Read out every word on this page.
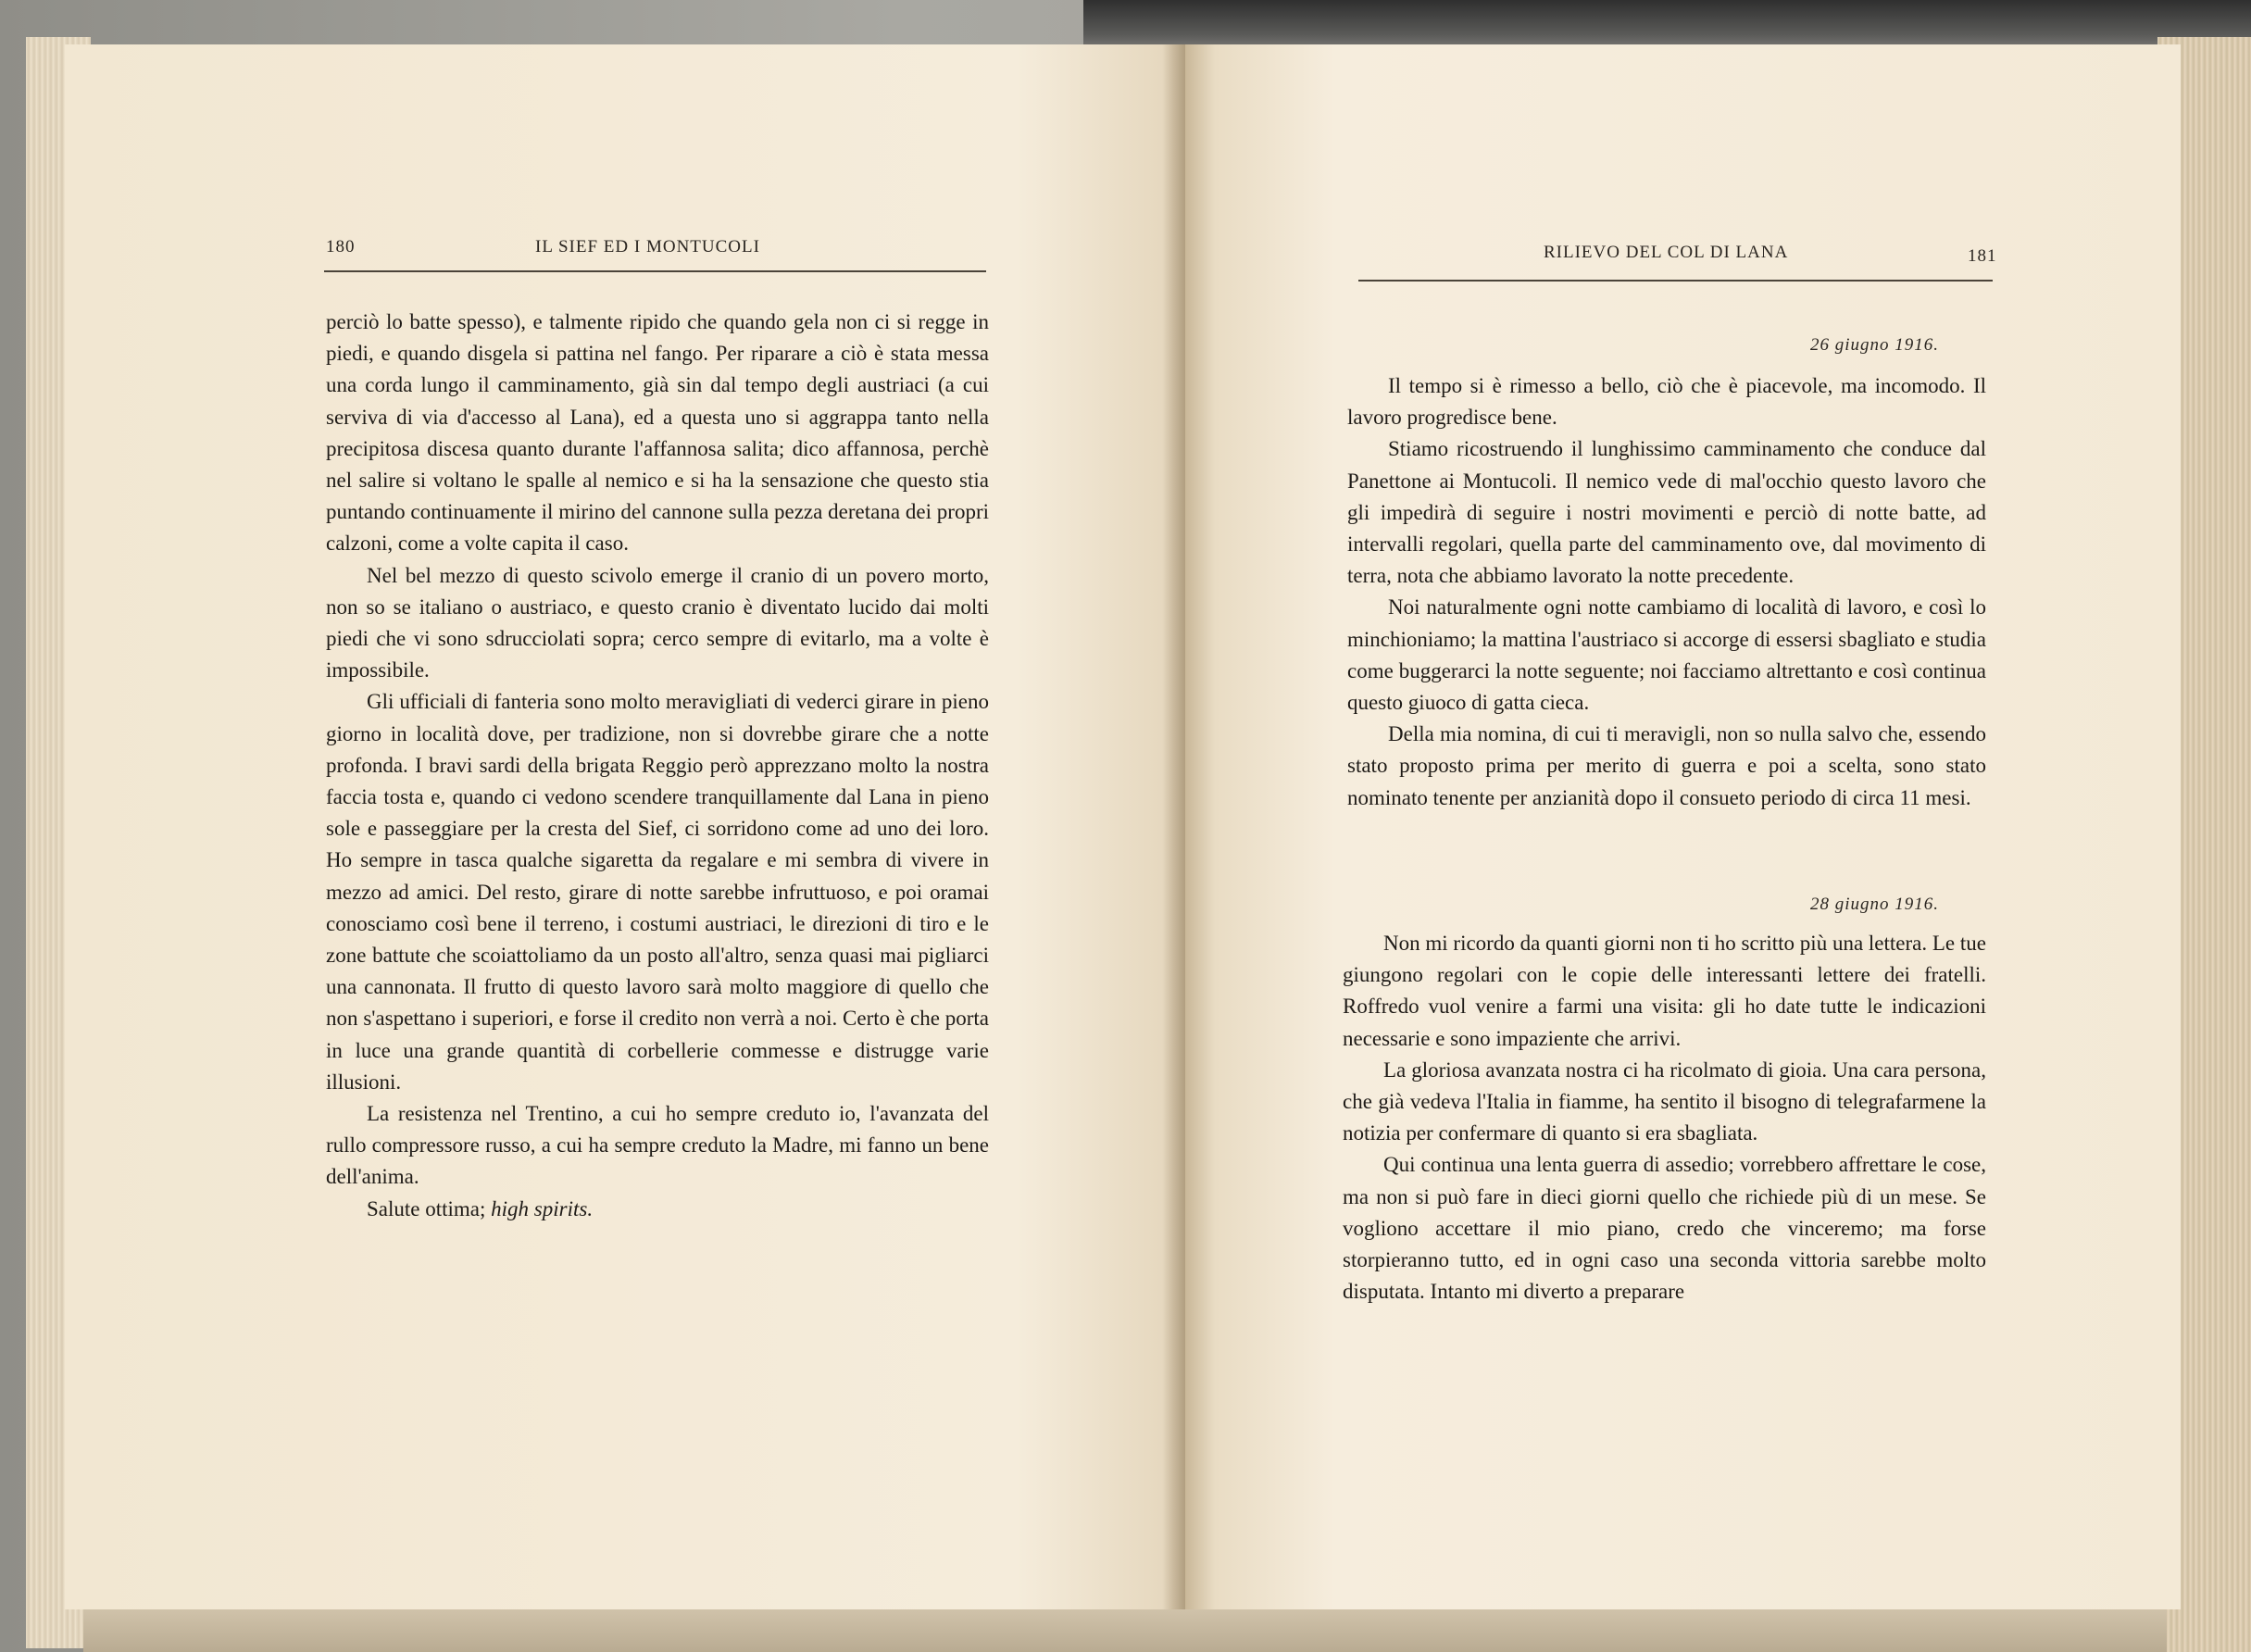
180	IL SIEF ED I MONTUCOLI

perciò lo batte spesso), e talmente ripido che quando gela non ci si regge in piedi, e quando disgela si pattina nel fango. Per riparare a ciò è stata messa una corda lungo il camminamento, già sin dal tempo degli austriaci (a cui serviva di via d'accesso al Lana), ed a questa uno si aggrappa tanto nella precipitosa discesa quanto durante l'affannosa salita; dico affannosa, perchè nel salire si voltano le spalle al nemico e si ha la sensazione che questo stia puntando continuamente il mirino del cannone sulla pezza deretana dei propri calzoni, come a volte capita il caso.

Nel bel mezzo di questo scivolo emerge il cranio di un povero morto, non so se italiano o austriaco, e questo cranio è diventato lucido dai molti piedi che vi sono sdrucciolati sopra; cerco sempre di evitarlo, ma a volte è impossibile.

Gli ufficiali di fanteria sono molto meravigliati di vederci girare in pieno giorno in località dove, per tradizione, non si dovrebbe girare che a notte profonda. I bravi sardi della brigata Reggio però apprezzano molto la nostra faccia tosta e, quando ci vedono scendere tranquillamente dal Lana in pieno sole e passeggiare per la cresta del Sief, ci sorridono come ad uno dei loro. Ho sempre in tasca qualche sigaretta da regalare e mi sembra di vivere in mezzo ad amici. Del resto, girare di notte sarebbe infruttuoso, e poi oramai conosciamo così bene il terreno, i costumi austriaci, le direzioni di tiro e le zone battute che scoiattoliamo da un posto all'altro, senza quasi mai pigliarci una cannonata. Il frutto di questo lavoro sarà molto maggiore di quello che non s'aspettano i superiori, e forse il credito non verrà a noi. Certo è che porta in luce una grande quantità di corbellerie commesse e distrugge varie illusioni.

La resistenza nel Trentino, a cui ho sempre creduto io, l'avanzata del rullo compressore russo, a cui ha sempre creduto la Madre, mi fanno un bene dell'anima.

Salute ottima; high spirits.

RILIEVO DEL COL DI LANA	181
26 giugno 1916.

Il tempo si è rimesso a bello, ciò che è piacevole, ma incomodo. Il lavoro progredisce bene.

Stiamo ricostruendo il lunghissimo camminamento che conduce dal Panettone ai Montucoli. Il nemico vede di mal'occhio questo lavoro che gli impedirà di seguire i nostri movimenti e perciò di notte batte, ad intervalli regolari, quella parte del camminamento ove, dal movimento di terra, nota che abbiamo lavorato la notte precedente.

Noi naturalmente ogni notte cambiamo di località di lavoro, e così lo minchioniamo; la mattina l'austriaco si accorge di essersi sbagliato e studia come buggerarci la notte seguente; noi facciamo altrettanto e così continua questo giuoco di gatta cieca.

Della mia nomina, di cui ti meravigli, non so nulla salvo che, essendo stato proposto prima per merito di guerra e poi a scelta, sono stato nominato tenente per anzianità dopo il consueto periodo di circa 11 mesi.

28 giugno 1916.

Non mi ricordo da quanti giorni non ti ho scritto più una lettera. Le tue giungono regolari con le copie delle interessanti lettere dei fratelli. Roffredo vuol venire a farmi una visita: gli ho date tutte le indicazioni necessarie e sono impaziente che arrivi.

La gloriosa avanzata nostra ci ha ricolmato di gioia. Una cara persona, che già vedeva l'Italia in fiamme, ha sentito il bisogno di telegrafarmene la notizia per confermare di quanto si era sbagliata.

Qui continua una lenta guerra di assedio; vorrebbero affrettare le cose, ma non si può fare in dieci giorni quello che richiede più di un mese. Se vogliono accettare il mio piano, credo che vinceremo; ma forse storpieranno tutto, ed in ogni caso una seconda vittoria sarebbe molto disputata. Intanto mi diverto a preparare
